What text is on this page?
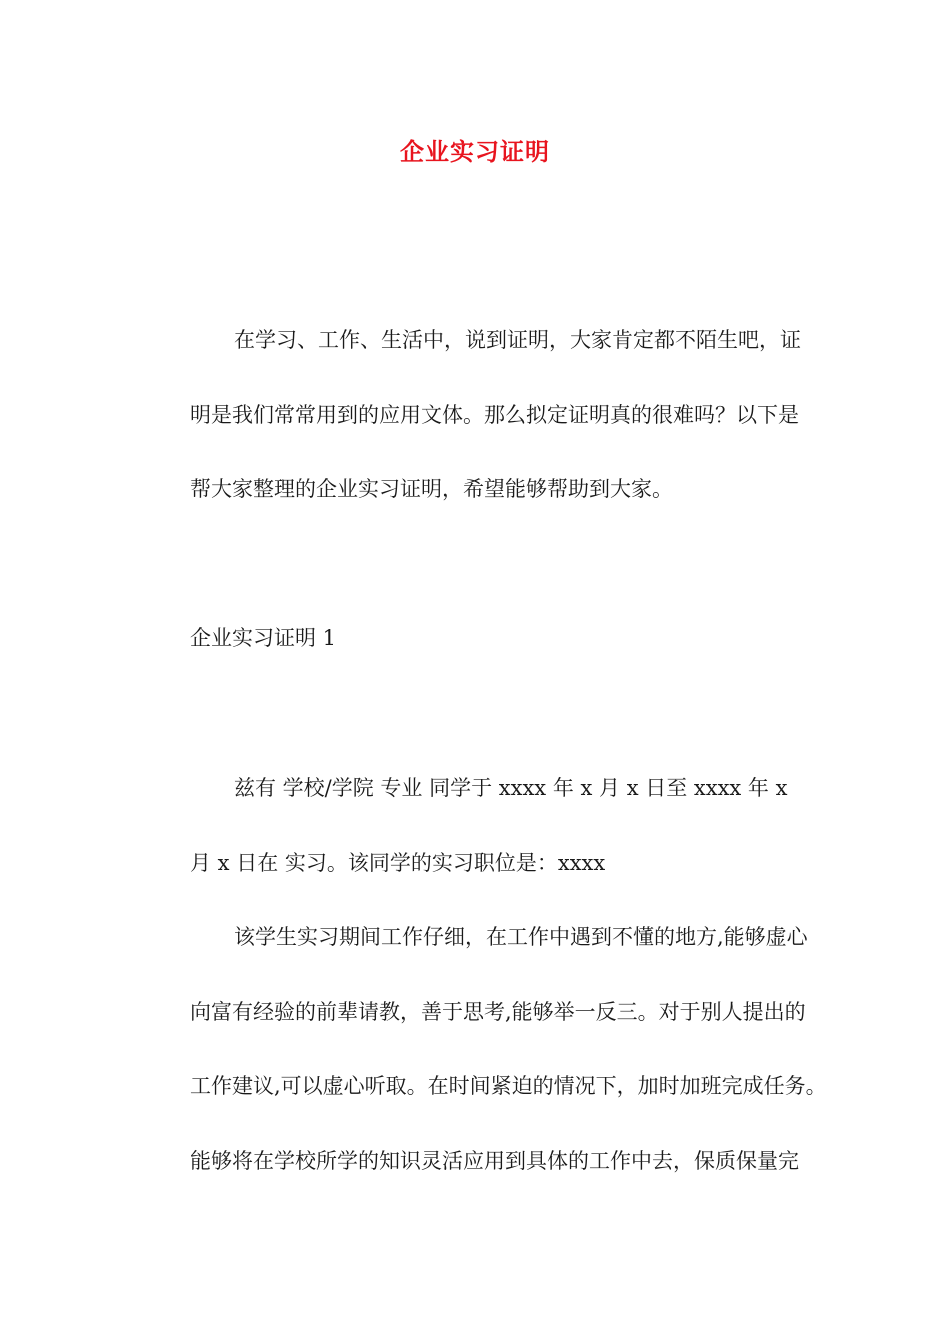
企业实习证明
在学习、工作、生活中，说到证明，大家肯定都不陌生吧，证
明是我们常常用到的应用文体。那么拟定证明真的很难吗？以下是
帮大家整理的企业实习证明，希望能够帮助到大家。
企业实习证明 1
兹有 学校/学院 专业 同学于 xxxx 年 x 月 x 日至 xxxx 年 x
月 x 日在 实习。该同学的实习职位是：xxxx
该学生实习期间工作仔细，在工作中遇到不懂的地方,能够虚心
向富有经验的前辈请教，善于思考,能够举一反三。对于别人提出的
工作建议,可以虚心听取。在时间紧迫的情况下，加时加班完成任务。
能够将在学校所学的知识灵活应用到具体的工作中去，保质保量完
